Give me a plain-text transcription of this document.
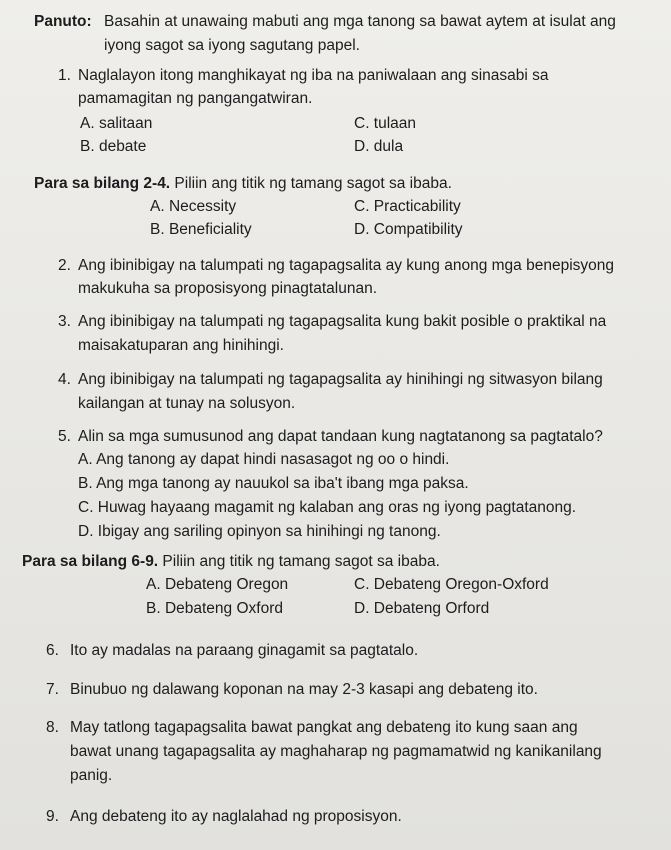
Panuto: Basahin at unawaing mabuti ang mga tanong sa bawat aytem at isulat ang
iyong sagot sa iyong sagutang papel.
1. Naglalayon itong manghikayat ng iba na paniwalaan ang sinasabi sa
pamamagitan ng pangangatwiran.
A. salitaan	C. tulaan
B. debate	D. dula
Para sa bilang 2-4. Piliin ang titik ng tamang sagot sa ibaba.
A. Necessity	C. Practicability
B. Beneficiality	D. Compatibility
2. Ang ibinibigay na talumpati ng tagapagsalita ay kung anong mga benepisyong
makukuha sa proposisyong pinagtatalunan.
3. Ang ibinibigay na talumpati ng tagapagsalita kung bakit posible o praktikal na
maisakatuparan ang hinihingi.
4. Ang ibinibigay na talumpati ng tagapagsalita ay hinihingi ng sitwasyon bilang
kailangan at tunay na solusyon.
5. Alin sa mga sumusunod ang dapat tandaan kung nagtatanong sa pagtatalo?
A. Ang tanong ay dapat hindi nasasagot ng oo o hindi.
B. Ang mga tanong ay nauukol sa iba't ibang mga paksa.
C. Huwag hayaang magamit ng kalaban ang oras ng iyong pagtatanong.
D. Ibigay ang sariling opinyon sa hinihingi ng tanong.
Para sa bilang 6-9. Piliin ang titik ng tamang sagot sa ibaba.
A. Debateng Oregon	C. Debateng Oregon-Oxford
B. Debateng Oxford	D. Debateng Orford
6. Ito ay madalas na paraang ginagamit sa pagtatalo.
7. Binubuo ng dalawang koponan na may 2-3 kasapi ang debateng ito.
8. May tatlong tagapagsalita bawat pangkat ang debateng ito kung saan ang
bawat unang tagapagsalita ay maghaharap ng pagmamatwid ng kanikanilang
panig.
9. Ang debateng ito ay naglalahad ng proposisyon.
